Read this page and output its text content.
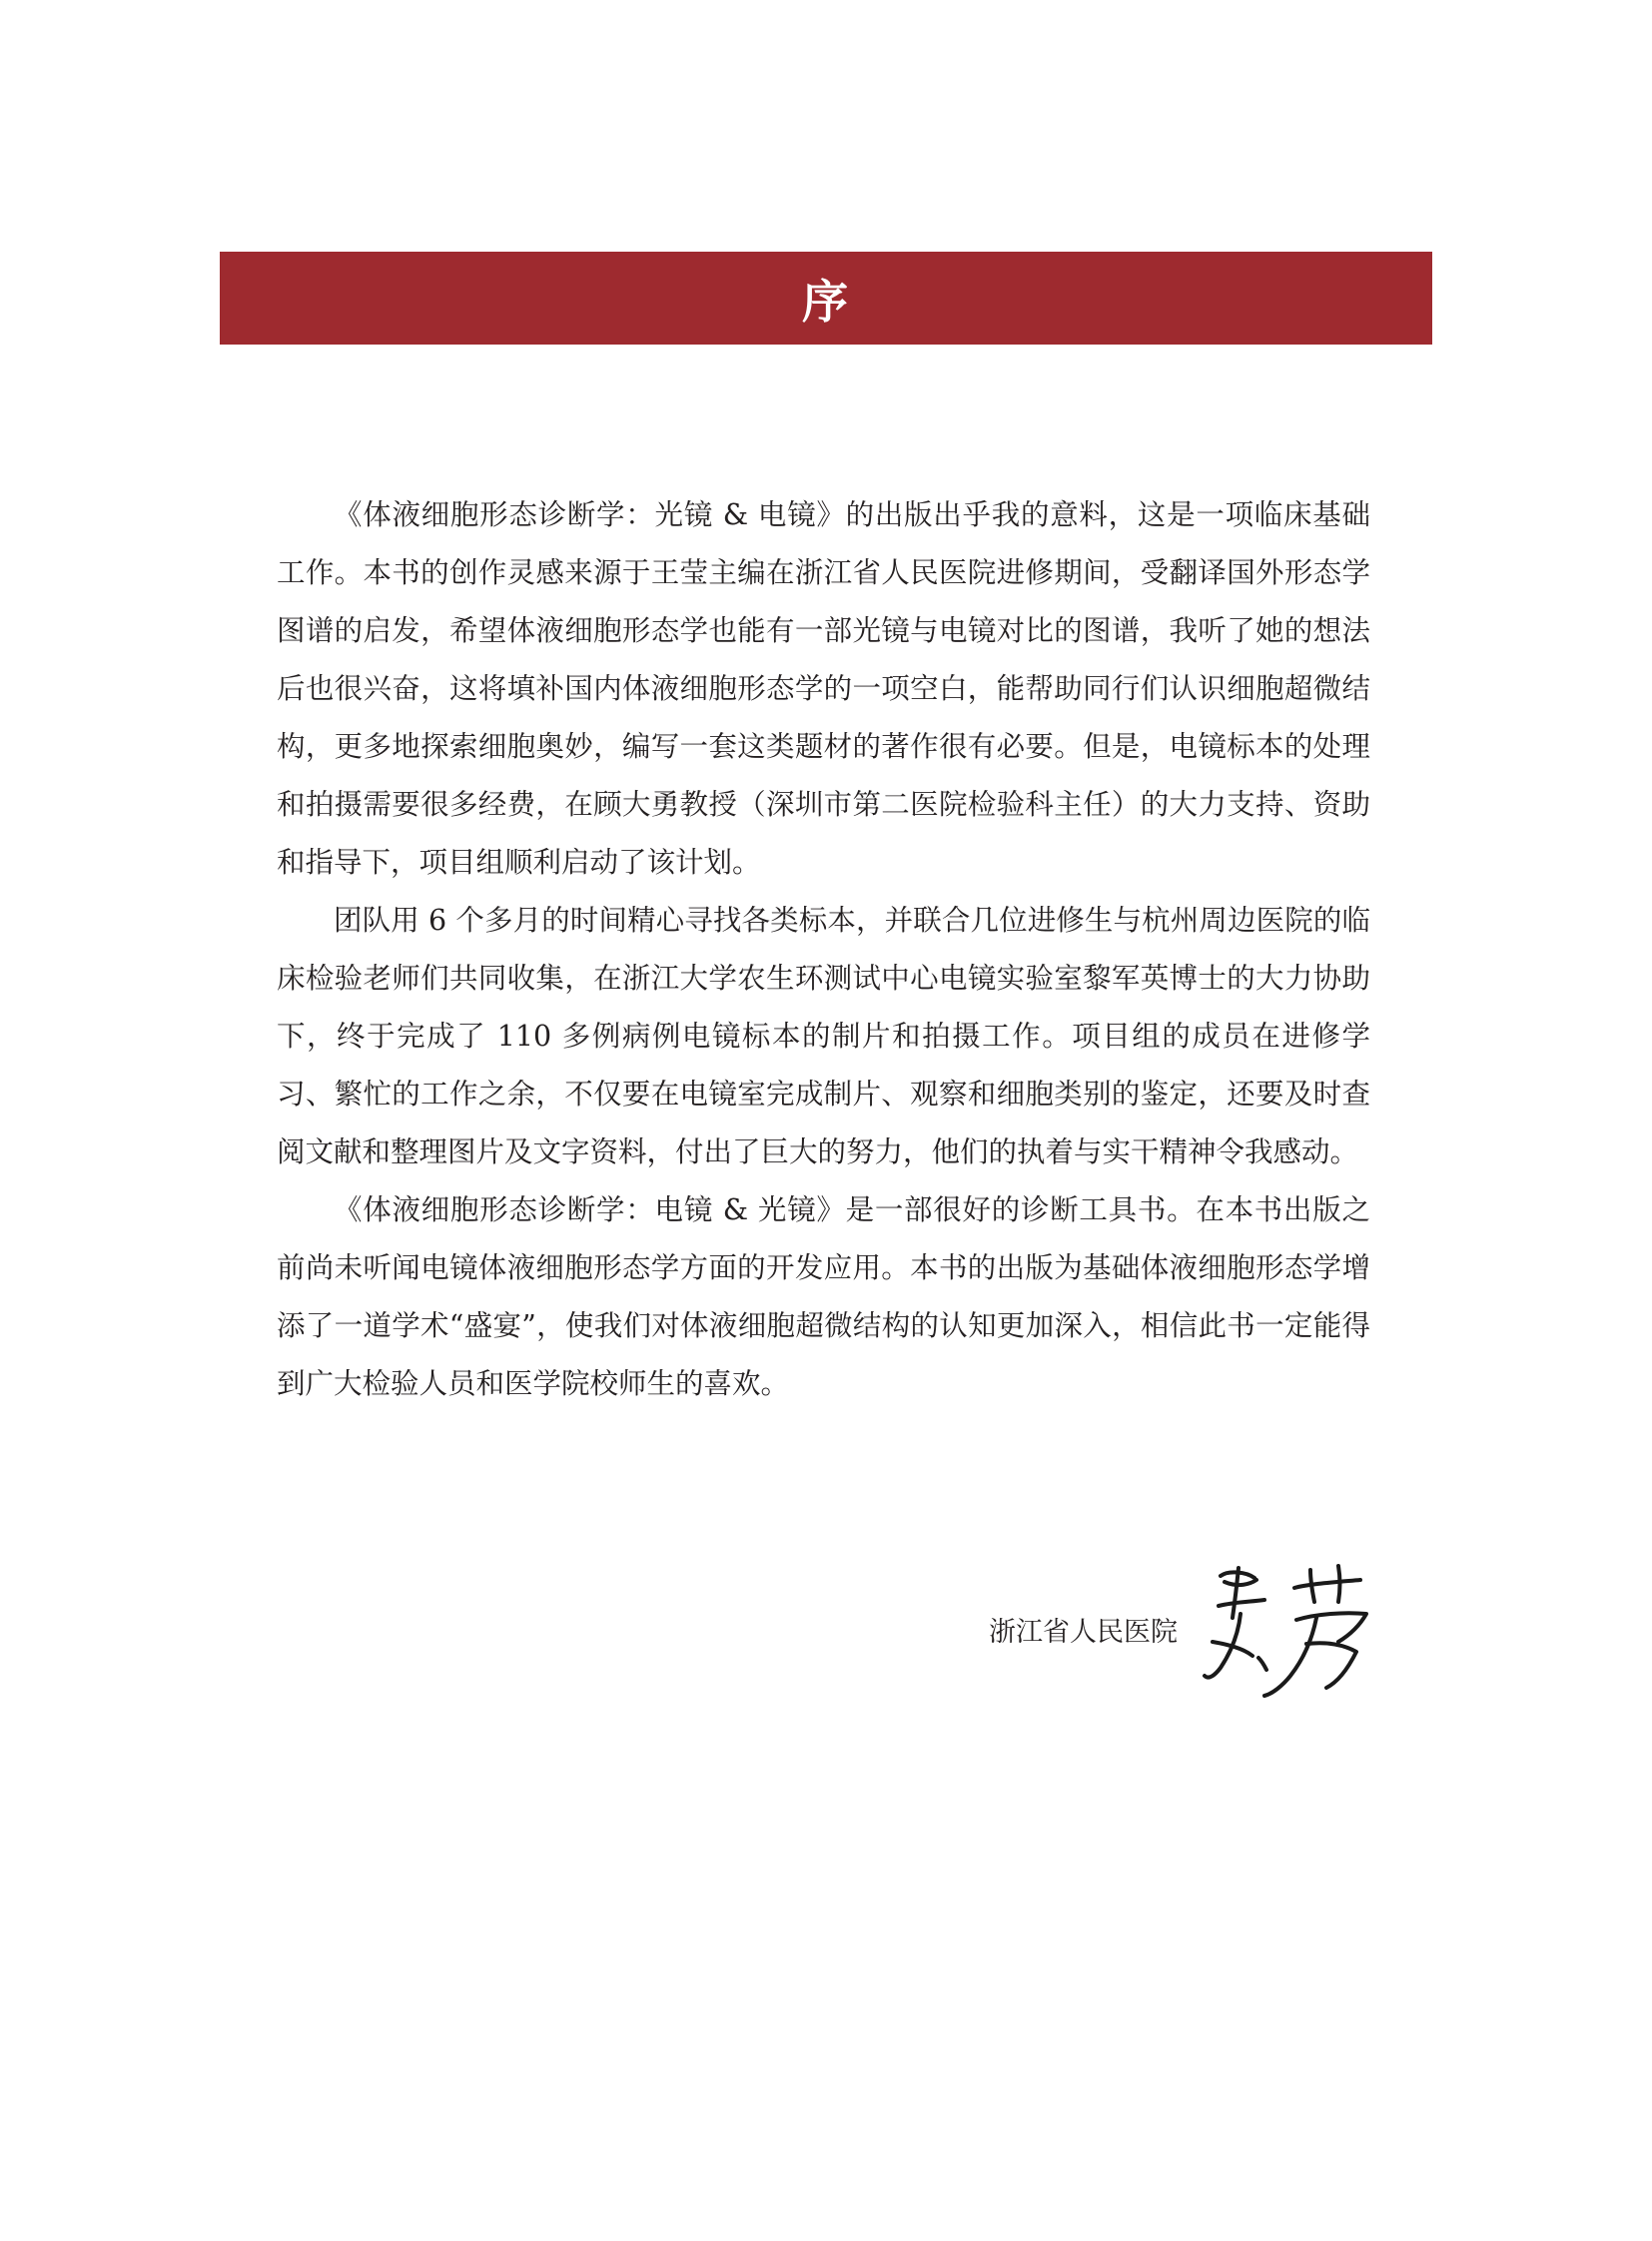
序

《体液细胞形态诊断学：光镜 & 电镜》的出版出乎我的意料，这是一项临床基础工作。本书的创作灵感来源于王莹主编在浙江省人民医院进修期间，受翻译国外形态学图谱的启发，希望体液细胞形态学也能有一部光镜与电镜对比的图谱，我听了她的想法后也很兴奋，这将填补国内体液细胞形态学的一项空白，能帮助同行们认识细胞超微结构，更多地探索细胞奥妙，编写一套这类题材的著作很有必要。但是，电镜标本的处理和拍摄需要很多经费，在顾大勇教授（深圳市第二医院检验科主任）的大力支持、资助和指导下，项目组顺利启动了该计划。

团队用 6 个多月的时间精心寻找各类标本，并联合几位进修生与杭州周边医院的临床检验老师们共同收集，在浙江大学农生环测试中心电镜实验室黎军英博士的大力协助下，终于完成了 110 多例病例电镜标本的制片和拍摄工作。项目组的成员在进修学习、繁忙的工作之余，不仅要在电镜室完成制片、观察和细胞类别的鉴定，还要及时查阅文献和整理图片及文字资料，付出了巨大的努力，他们的执着与实干精神令我感动。

《体液细胞形态诊断学：电镜 & 光镜》是一部很好的诊断工具书。在本书出版之前尚未听闻电镜体液细胞形态学方面的开发应用。本书的出版为基础体液细胞形态学增添了一道学术“盛宴”，使我们对体液细胞超微结构的认知更加深入，相信此书一定能得到广大检验人员和医学院校师生的喜欢。

浙江省人民医院
